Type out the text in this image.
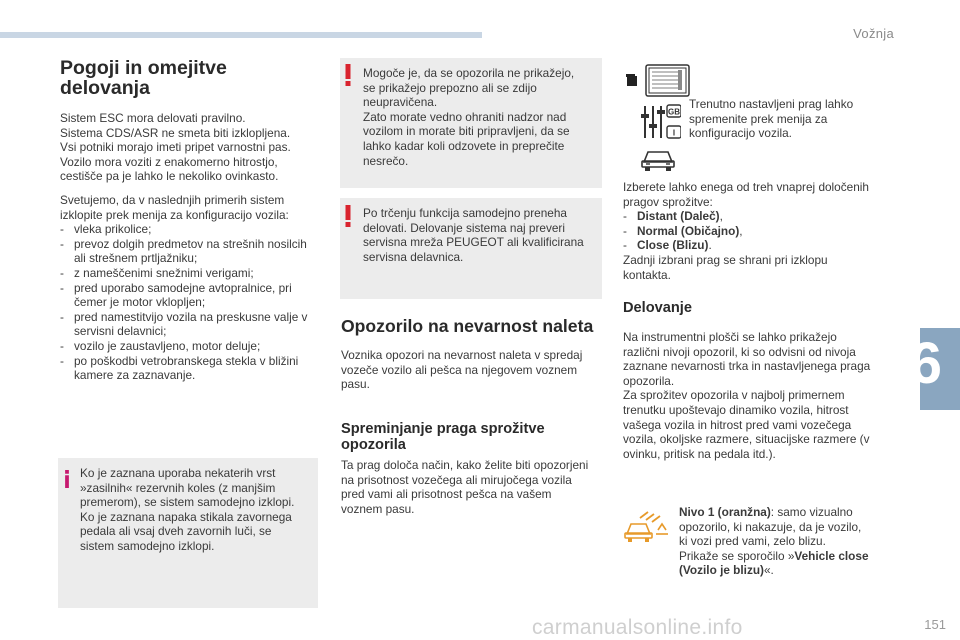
Vožnja
6
151
carmanualsonline.info
Pogoji in omejitve
delovanja
Sistem ESC mora delovati pravilno.
Sistema CDS/ASR ne smeta biti izklopljena.
Vsi potniki morajo imeti pripet varnostni pas.
Vozilo mora voziti z enakomerno hitrostjo,
cestišče pa je lahko le nekoliko ovinkasto.
Svetujemo, da v naslednjih primerih sistem
izklopite prek menija za konfiguracijo vozila:
- vleka prikolice;
- prevoz dolgih predmetov na strešnih nosilcih ali strešnem prtljažniku;
- z nameščenimi snežnimi verigami;
- pred uporabo samodejne avtopralnice, pri čemer je motor vklopljen;
- pred namestitvijo vozila na preskusne valje v servisni delavnici;
- vozilo je zaustavljeno, motor deluje;
- po poškodbi vetrobranskega stekla v bližini kamere za zaznavanje.
Ko je zaznana uporaba nekaterih vrst
»zasilnih« rezervnih koles (z manjšim
premerom), se sistem samodejno izklopi.
Ko je zaznana napaka stikala zavornega
pedala ali vsaj dveh zavornih luči, se
sistem samodejno izklopi.
Mogoče je, da se opozorila ne prikažejo,
se prikažejo prepozno ali se zdijo
neupravičena.
Zato morate vedno ohraniti nadzor nad
vozilom in morate biti pripravljeni, da se
lahko kadar koli odzovete in preprečite
nesrečo.
Po trčenju funkcija samodejno preneha
delovati. Delovanje sistema naj preveri
servisna mreža PEUGEOT ali kvalificirana
servisna delavnica.
Opozorilo na nevarnost naleta
Voznika opozori na nevarnost naleta v spredaj
vozeče vozilo ali pešca na njegovem voznem
pasu.
Spreminjanje praga sprožitve
opozorila
Ta prag določa način, kako želite biti opozorjeni
na prisotnost vozečega ali mirujočega vozila
pred vami ali prisotnost pešca na vašem
voznem pasu.
GB
I
Trenutno nastavljeni prag lahko
spremenite prek menija za
konfiguracijo vozila.
Izberete lahko enega od treh vnaprej določenih
pragov sprožitve:
- Distant (Daleč),
- Normal (Običajno),
- Close (Blizu).
Zadnji izbrani prag se shrani pri izklopu
kontakta.
Delovanje
Na instrumentni plošči se lahko prikažejo
različni nivoji opozoril, ki so odvisni od nivoja
zaznane nevarnosti trka in nastavljenega praga
opozorila.
Za sprožitev opozorila v najbolj primernem
trenutku upoštevajo dinamiko vozila, hitrost
vašega vozila in hitrost pred vami vozečega
vozila, okoljske razmere, situacijske razmere (v
ovinku, pritisk na pedala itd.).
Nivo 1 (oranžna): samo vizualno
opozorilo, ki nakazuje, da je vozilo,
ki vozi pred vami, zelo blizu.
Prikaže se sporočilo »Vehicle close
(Vozilo je blizu)«.
